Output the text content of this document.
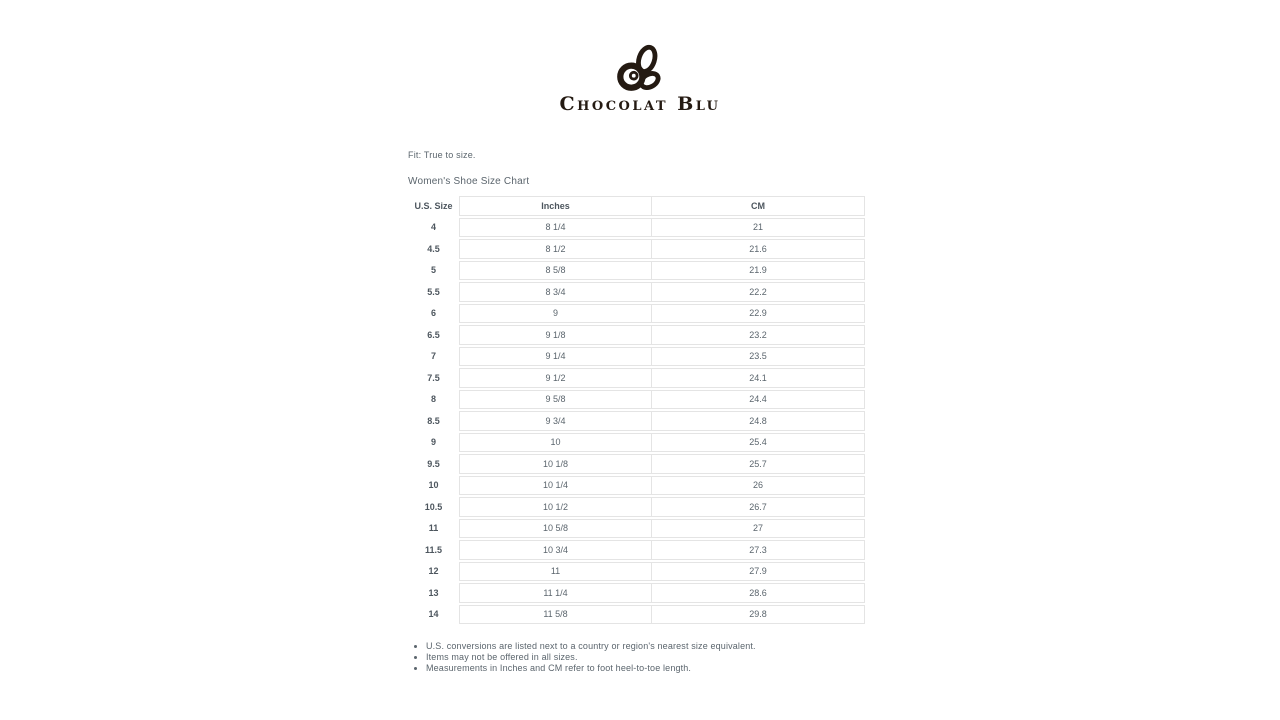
Chocolat Blu

Fit: True to size.

Women's Shoe Size Chart
U.S. Size	Inches	CM
4	8 1/4	21
4.5	8 1/2	21.6
5	8 5/8	21.9
5.5	8 3/4	22.2
6	9	22.9
6.5	9 1/8	23.2
7	9 1/4	23.5
7.5	9 1/2	24.1
8	9 5/8	24.4
8.5	9 3/4	24.8
9	10	25.4
9.5	10 1/8	25.7
10	10 1/4	26
10.5	10 1/2	26.7
11	10 5/8	27
11.5	10 3/4	27.3
12	11	27.9
13	11 1/4	28.6
14	11 5/8	29.8
• U.S. conversions are listed next to a country or region's nearest size equivalent.
• Items may not be offered in all sizes.
• Measurements in Inches and CM refer to foot heel-to-toe length.
